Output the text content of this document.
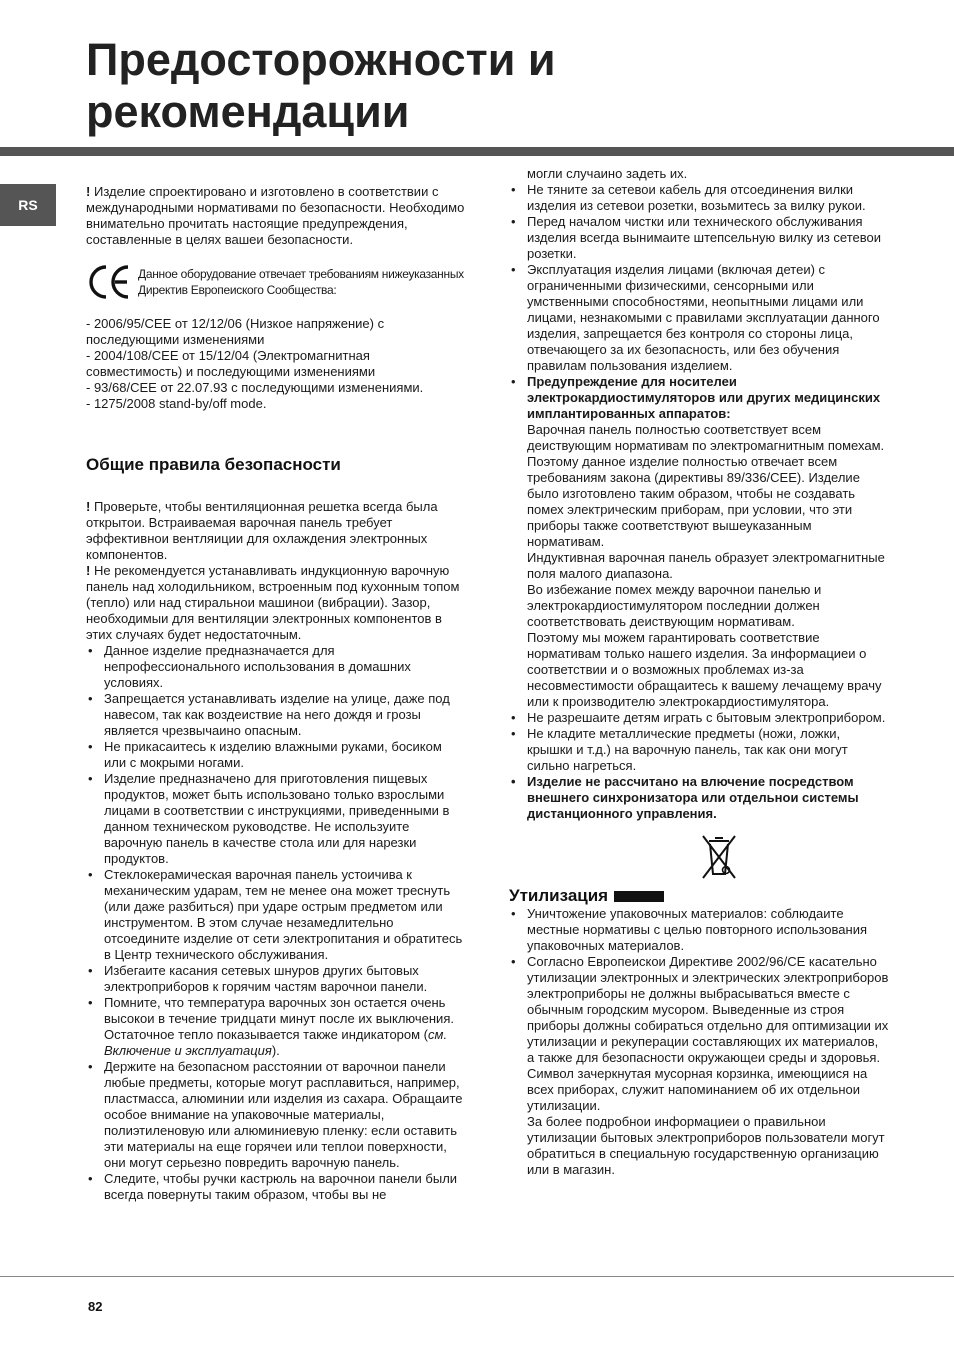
Предосторожности и
рекомендации
RS

! Изделие спроектировано и изготовлено в соответствии с международными нормативами по безопасности. Необходимо внимательно прочитать настоящие предупреждения, составленные в целях вашеи безопасности.

Данное оборудование отвечает требованиям нижеуказанных Директив Европеиского Сообщества:

- 2006/95/CEE от 12/12/06 (Низкое напряжение) с последующими изменениями

- 2004/108/CEE от 15/12/04 (Электромагнитная совместимость) и последующими изменениями

- 93/68/CEE от 22.07.93 с последующими изменениями.

- 1275/2008 stand-by/off mode.

Общие правила безопасности

! Проверьте, чтобы вентиляционная решетка всегда была открытои. Встраиваемая варочная панель требует эффективнои вентляиции для охлаждения электронных компонентов.

! Не рекомендуется устанавливать индукционную варочную панель над холодильником, встроенным под кухонным топом (тепло) или над стиральнои машинои (вибрации). Зазор, необходимыи для вентиляции электронных компонентов в этих случаях будет недостаточным.

• Данное изделие предназначается для непрофессионального использования в домашних условиях.
• Запрещается устанавливать изделие на улице, даже под навесом, так как воздеиствие на него дождя и грозы является чрезвычаино опасным.
• Не прикасаитесь к изделию влажными руками, босиком или с мокрыми ногами.
• Изделие предназначено для приготовления пищевых продуктов, может быть использовано только взрослыми лицами в соответствии с инструкциями, приведенными в данном техническом руководстве. Не используите варочную панель в качестве стола или для нарезки продуктов.
• Стеклокерамическая варочная панель устоичива к механическим ударам, тем не менее она может треснуть (или даже разбиться) при ударе острым предметом или инструментом. В этом случае незамедлительно отсоедините изделие от сети электропитания и обратитесь в Центр технического обслуживания.
• Избегаите касания сетевых шнуров других бытовых электроприборов к горячим частям варочнои панели.
• Помните, что температура варочных зон остается очень высокои в течение тридцати минут после их выключения. Остаточное тепло показывается также индикатором (см. Включение и эксплуатация).
• Держите на безопасном расстоянии от варочнои панели любые предметы, которые могут расплавиться, например, пластмасса, алюминии или изделия из сахара. Обращаите особое внимание на упаковочные материалы, полиэтиленовую или алюминиевую пленку: если оставить эти материалы на еще горячеи или теплои поверхности, они могут серьезно повредить варочную панель.
• Следите, чтобы ручки кастрюль на варочнои панели были всегда повернуты таким образом, чтобы вы не

могли случаино задеть их.

• Не тяните за сетевои кабель для отсоединения вилки изделия из сетевои розетки, возьмитесь за вилку рукои.
• Перед началом чистки или технического обслуживания изделия всегда вынимаите штепсельную вилку из сетевои розетки.
• Эксплуатация изделия лицами (включая детеи) с ограниченными физическими, сенсорными или умственными способностями, неопытными лицами или лицами, незнакомыми с правилами эксплуатации данного изделия, запрещается без контроля со стороны лица, отвечающего за их безопасность, или без обучения правилам пользования изделием.
• Предупреждение для носителеи электрокардиостимуляторов или других медицинских имплантированных аппаратов:
Варочная панель полностью соответствует всем деиствующим нормативам по электромагнитным помехам.
Поэтому данное изделие полностью отвечает всем требованиям закона (директивы 89/336/CEE). Изделие было изготовлено таким образом, чтобы не создавать помех электрическим приборам, при условии, что эти приборы также соответствуют вышеуказанным нормативам.
Индуктивная варочная панель образует электромагнитные поля малого диапазона.
Во избежание помех между варочнои панелью и электрокардиостимулятором последнии должен соответствовать деиствующим нормативам.
Поэтому мы можем гарантировать соответствие нормативам только нашего изделия. За информациеи о соответствии и о возможных проблемах из-за несовместимости обращаитесь к вашему лечащему врачу или к производителю электрокардиостимулятора.
• Не разрешаите детям играть с бытовым электроприбором.
• Не кладите металлические предметы (ножи, ложки, крышки и т.д.) на варочную панель, так как они могут сильно нагреться.
• Изделие не рассчитано на влючение посредством внешнего синхронизатора или отдельнои системы дистанционного управления.
Утилизация
• Уничтожение упаковочных материалов: соблюдаите местные нормативы с целью повторного использования упаковочных материалов.
• Согласно Европеискои Директиве 2002/96/CE касательно утилизации электронных и электрических электроприборов электроприборы не должны выбрасываться вместе с обычным городским мусором. Выведенные из строя приборы должны собираться отдельно для оптимизации их утилизации и рекуперации составляющих их материалов, а также для безопасности окружающеи среды и здоровья. Символ зачеркнутая мусорная корзинка, имеющиися на всех приборах, служит напоминанием об их отдельнои утилизации.
За более подробнои информациеи о правильнои утилизации бытовых электроприборов пользователи могут обратиться в специальную государственную организацию или в магазин.
82
